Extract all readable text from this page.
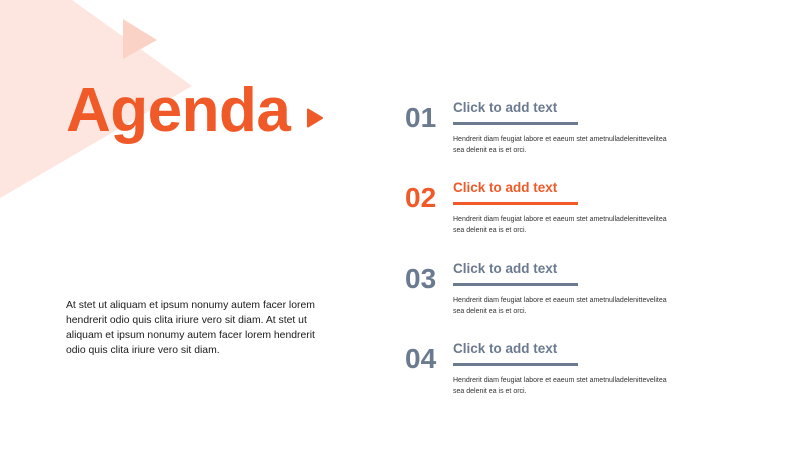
Agenda

At stet ut aliquam et ipsum nonumy autem facer lorem hendrerit odio quis clita iriure vero sit diam. At stet ut aliquam et ipsum nonumy autem facer lorem hendrerit odio quis clita iriure vero sit diam.

01 Click to add text

Hendrerit diam feugiat labore et eaeum stet ametnulladelenittevelitea sea delenit ea is et orci.

02 Click to add text

Hendrerit diam feugiat labore et eaeum stet ametnulladelenittevelitea sea delenit ea is et orci.

03 Click to add text

Hendrerit diam feugiat labore et eaeum stet ametnulladelenittevelitea sea delenit ea is et orci.

04 Click to add text

Hendrerit diam feugiat labore et eaeum stet ametnulladelenittevelitea sea delenit ea is et orci.
